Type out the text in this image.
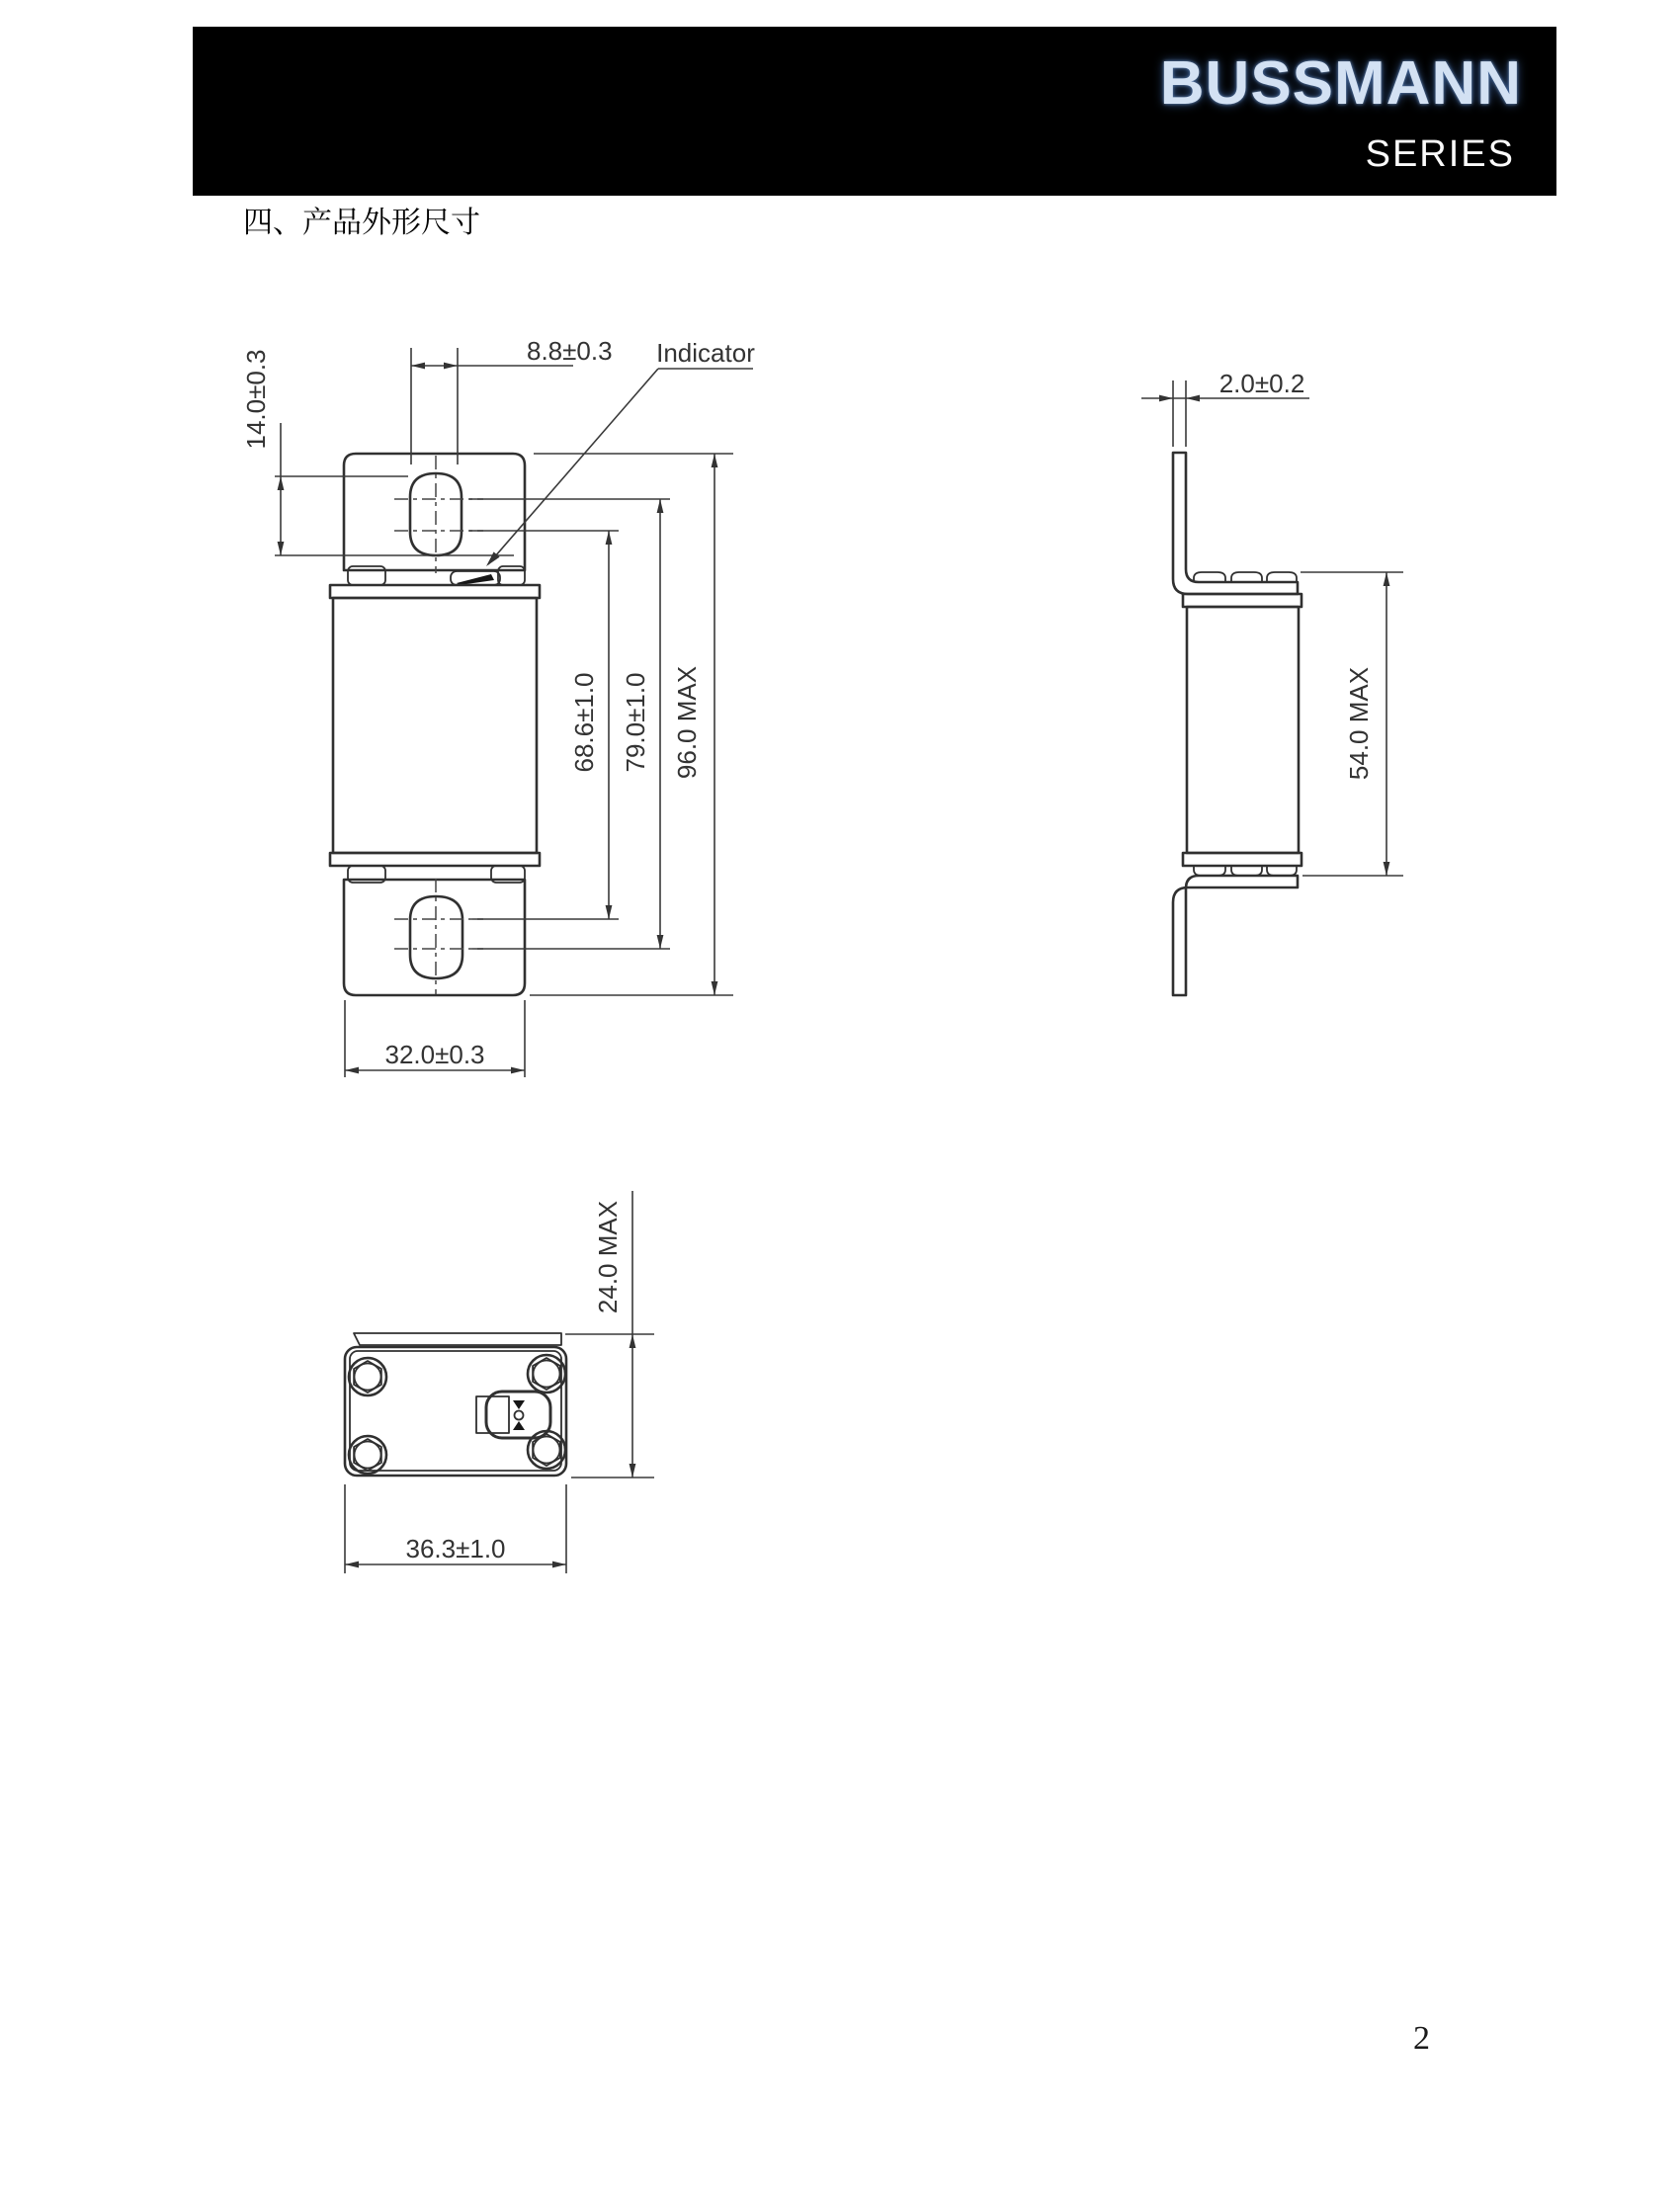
BUSSMANN
SERIES
四、产品外形尺寸
8.8±0.3
14.0±0.3	Indicator
68.6±1.0 79.0±1.0 96.0 MAX
32.0±0.3
2.0±0.2
54.0 MAX
24.0 MAX
36.3±1.0
2
